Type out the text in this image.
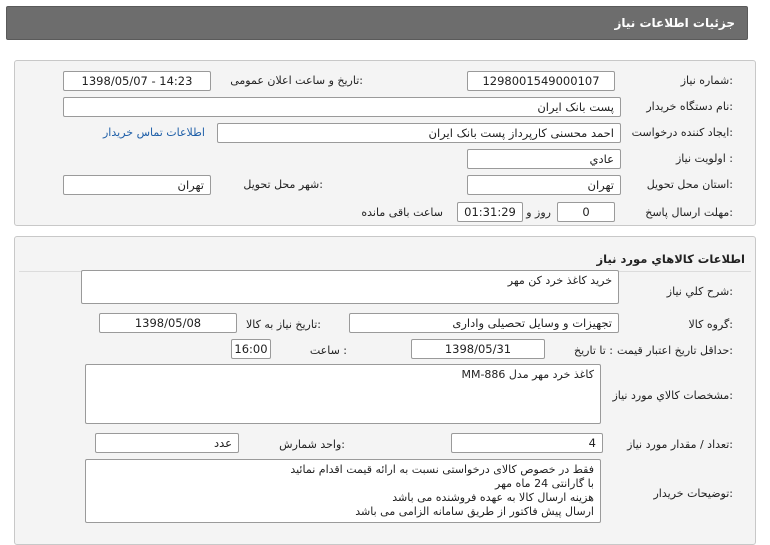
جزئیات اطلاعات نیاز
شماره نیاز:
1298001549000107
تاریخ و ساعت اعلان عمومی:
1398/05/07 - 14:23
نام دستگاه خریدار:
پست بانک ایران
ایجاد کننده درخواست:
احمد محسنی کارپرداز پست بانک ایران
اطلاعات تماس خریدار
اولویت نیاز :
عادي
استان محل تحویل:
تهران
شهر محل تحویل:
تهران
مهلت ارسال پاسخ:
0
روز و
01:31:29
ساعت باقی مانده
اطلاعات کالاهاي مورد نياز
شرح کلي نياز:
خرید کاغذ خرد کن مهر
گروه کالا:
تجهیزات و وسایل تحصیلی واداری
تاریخ نیاز به کالا:
1398/05/08
حداقل تاریخ اعتبار قیمت:
تا تاریخ :
1398/05/31
ساعت :
16:00
مشخصات کالاي مورد نياز:
کاغذ خرد مهر مدل MM-886
تعداد / مقدار مورد نیاز:
4
واحد شمارش:
عدد
توضيحات خريدار:
فقط در خصوص کالای درخواستی نسبت به ارائه قیمت اقدام نمائید
با گارانتی 24 ماه مهر
هزینه ارسال کالا به عهده فروشنده می باشد
ارسال پیش فاکتور از طریق سامانه الزامی می باشد
